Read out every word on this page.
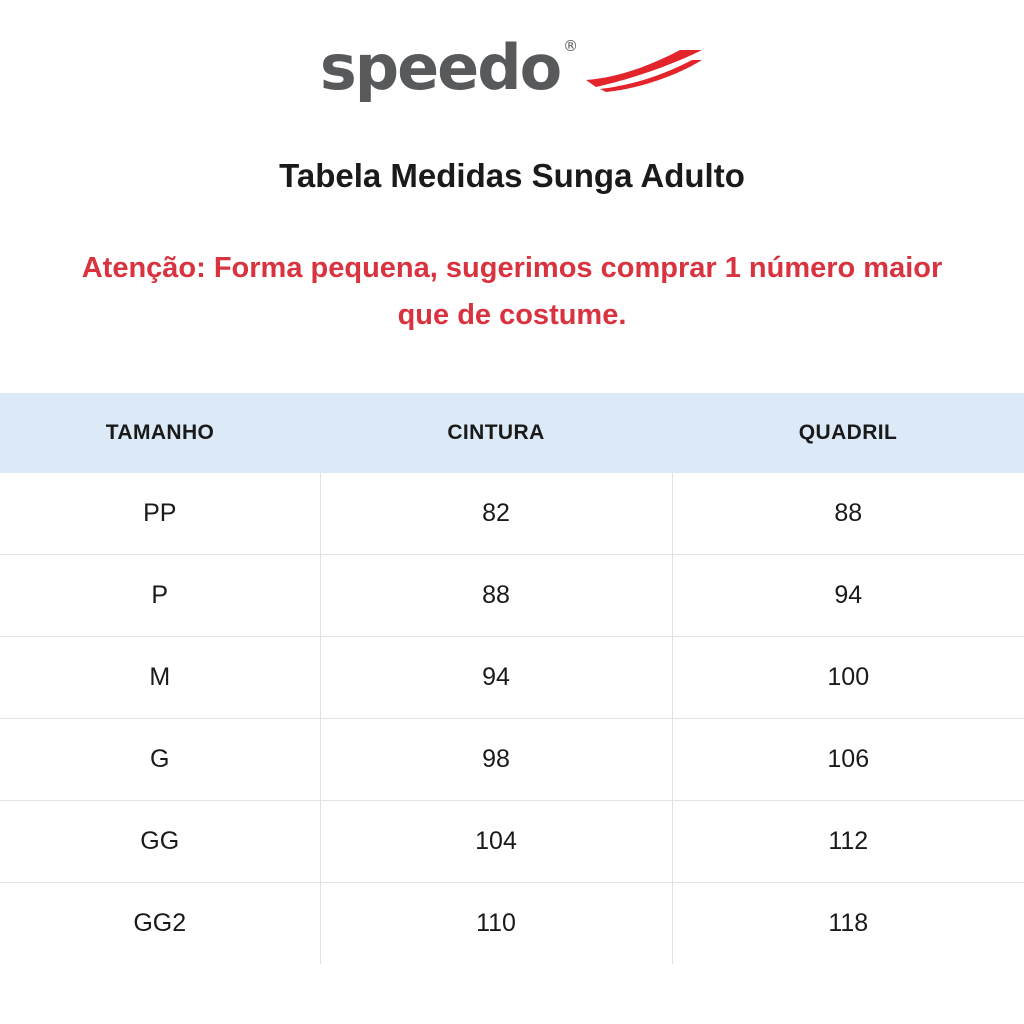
speedo ®
Tabela Medidas Sunga Adulto
Atenção: Forma pequena, sugerimos comprar 1 número maior que de costume.
TAMANHO	CINTURA	QUADRIL
PP	82	88
P	88	94
M	94	100
G	98	106
GG	104	112
GG2	110	118
